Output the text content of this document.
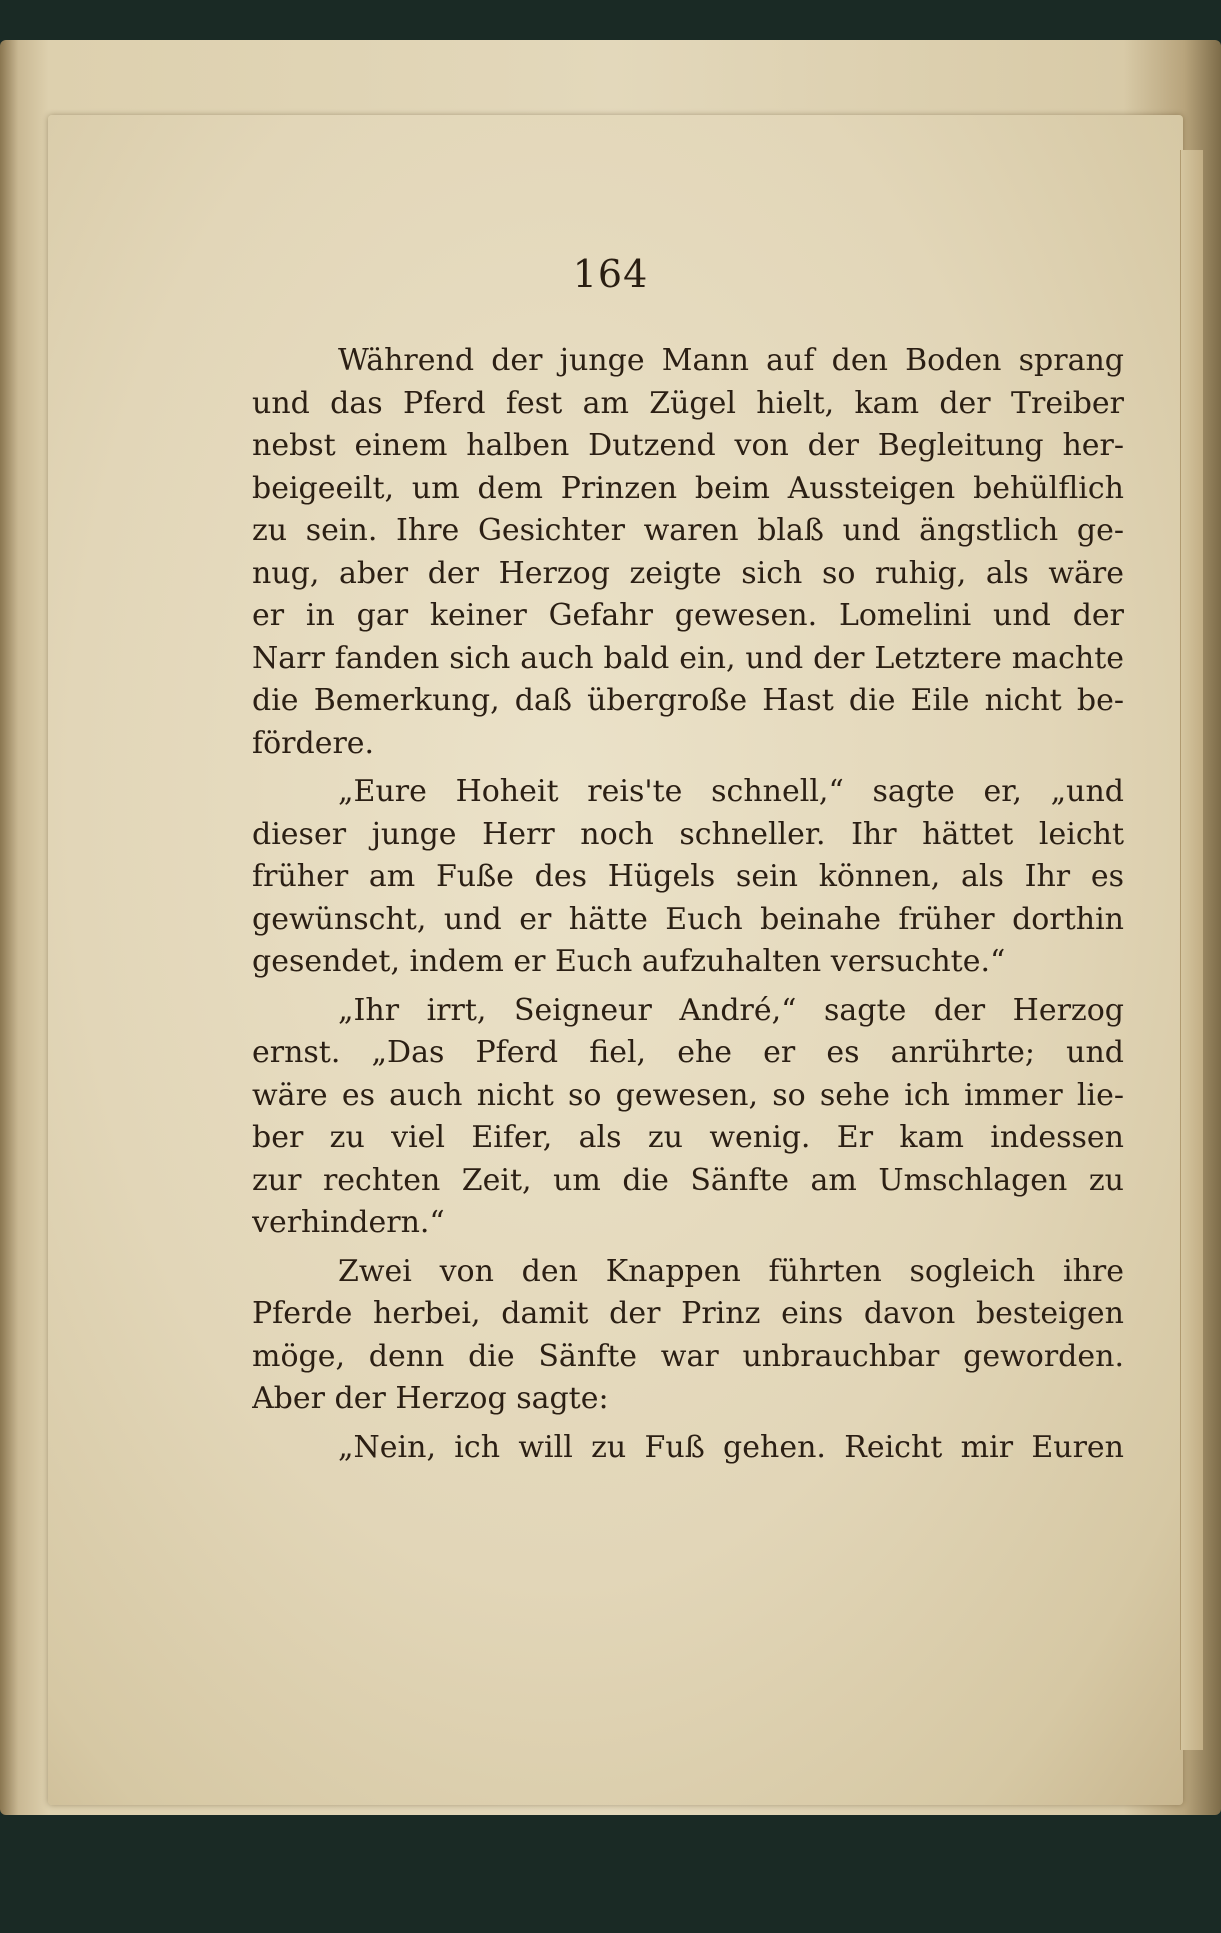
164
Während der junge Mann auf den Boden sprang
und das Pferd fest am Zügel hielt, kam der Treiber
nebst einem halben Dutzend von der Begleitung her-
beigeeilt, um dem Prinzen beim Aussteigen behülflich
zu sein. Ihre Gesichter waren blaß und ängstlich ge-
nug, aber der Herzog zeigte sich so ruhig, als wäre
er in gar keiner Gefahr gewesen. Lomelini und der
Narr fanden sich auch bald ein, und der Letztere machte
die Bemerkung, daß übergroße Hast die Eile nicht be-
fördere.
„Eure Hoheit reis'te schnell,“ sagte er, „und
dieser junge Herr noch schneller. Ihr hättet leicht
früher am Fuße des Hügels sein können, als Ihr es
gewünscht, und er hätte Euch beinahe früher dorthin
gesendet, indem er Euch aufzuhalten versuchte.“
„Ihr irrt, Seigneur André,“ sagte der Herzog
ernst. „Das Pferd fiel, ehe er es anrührte; und
wäre es auch nicht so gewesen, so sehe ich immer lie-
ber zu viel Eifer, als zu wenig. Er kam indessen
zur rechten Zeit, um die Sänfte am Umschlagen zu
verhindern.“
Zwei von den Knappen führten sogleich ihre
Pferde herbei, damit der Prinz eins davon besteigen
möge, denn die Sänfte war unbrauchbar geworden.
Aber der Herzog sagte:
„Nein, ich will zu Fuß gehen. Reicht mir Euren
